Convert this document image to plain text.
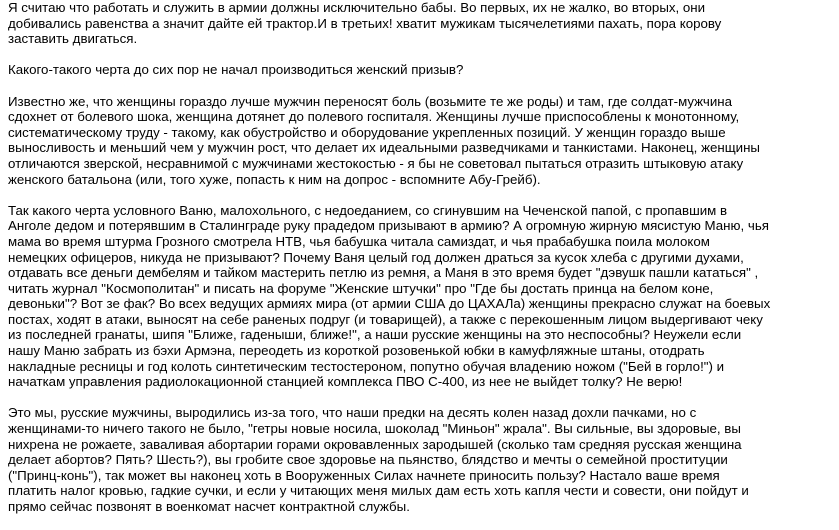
Я считаю что работать и служить в армии должны исключительно бабы. Во первых, их не жалко, во вторых, они
добивались равенства а значит дайте ей трактор.И в третьих! хватит мужикам тысячелетиями пахать, пора корову
заставить двигаться.
Какого-такого черта до сих пор не начал производиться женский призыв?
Известно же, что женщины гораздо лучше мужчин переносят боль (возьмите те же роды) и там, где солдат-мужчина
сдохнет от болевого шока, женщина дотянет до полевого госпиталя. Женщины лучше приспособлены к монотонному,
систематическому труду - такому, как обустройство и оборудование укрепленных позиций. У женщин гораздо выше
выносливость и меньший чем у мужчин рост, что делает их идеальными разведчиками и танкистами. Наконец, женщины
отличаются зверской, несравнимой с мужчинами жестокостью - я бы не советовал пытаться отразить штыковую атаку
женского батальона (или, того хуже, попасть к ним на допрос - вспомните Абу-Грейб).
Так какого черта условного Ваню, малохольного, с недоеданием, со сгинувшим на Чеченской папой, с пропавшим в
Анголе дедом и потерявшим в Сталинграде руку прадедом призывают в армию? А огромную жирную мясистую Маню, чья
мама во время штурма Грозного смотрела НТВ, чья бабушка читала самиздат, и чья прабабушка поила молоком
немецких офицеров, никуда не призывают? Почему Ваня целый год должен драться за кусок хлеба с другими духами,
отдавать все деньги дембелям и тайком мастерить петлю из ремня, а Маня в это время будет "дэвушк пашли кататься" ,
читать журнал "Космополитан" и писать на форуме "Женские штучки" про "Где бы достать принца на белом коне,
девоньки"? Вот зе фак? Во всех ведущих армиях мира (от армии США до ЦАХАЛа) женщины прекрасно служат на боевых
постах, ходят в атаки, выносят на себе раненых подруг (и товарищей), а также с перекошенным лицом выдергивают чеку
из последней гранаты, шипя "Ближе, гаденыши, ближе!", а наши русские женщины на это неспособны? Неужели если
нашу Маню забрать из бэхи Армэна, переодеть из короткой розовенькой юбки в камуфляжные штаны, отодрать
накладные ресницы и год колоть синтетическим тестостероном, попутно обучая владению ножом ("Бей в горло!") и
начаткам управления радиолокационной станцией комплекса ПВО С-400, из нее не выйдет толку? Не верю!
Это мы, русские мужчины, выродились из-за того, что наши предки на десять колен назад дохли пачками, но с
женщинами-то ничего такого не было, "гетры новые носила, шоколад "Миньон" жрала". Вы сильные, вы здоровые, вы
нихрена не рожаете, заваливая абортарии горами окровавленных зародышей (сколько там средняя русская женщина
делает абортов? Пять? Шесть?), вы гробите свое здоровье на пьянство, блядство и мечты о семейной проституции
("Принц-конь"), так может вы наконец хоть в Вооруженных Силах начнете приносить пользу? Настало ваше время
платить налог кровью, гадкие сучки, и если у читающих меня милых дам есть хоть капля чести и совести, они пойдут и
прямо сейчас позвонят в военкомат насчет контрактной службы.
